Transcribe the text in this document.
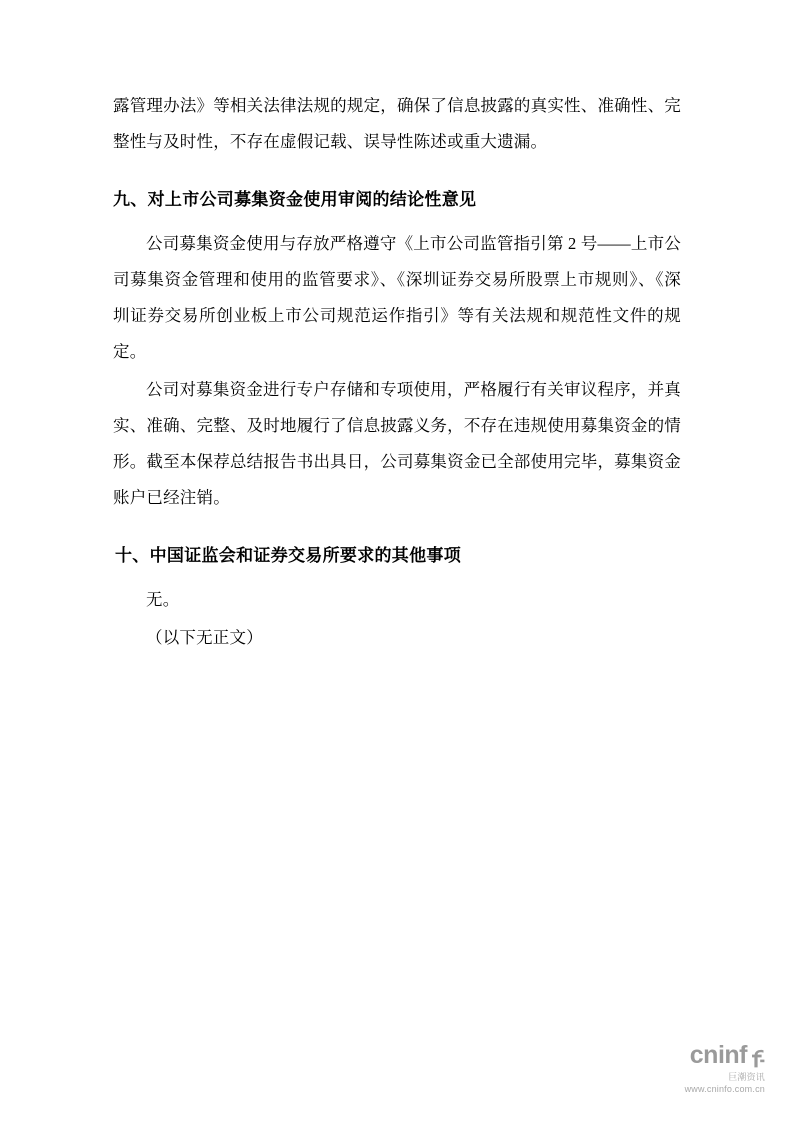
露管理办法》等相关法律法规的规定，确保了信息披露的真实性、准确性、完整性与及时性，不存在虚假记载、误导性陈述或重大遗漏。

九、对上市公司募集资金使用审阅的结论性意见

公司募集资金使用与存放严格遵守《上市公司监管指引第 2 号——上市公司募集资金管理和使用的监管要求》、《深圳证券交易所股票上市规则》、《深圳证券交易所创业板上市公司规范运作指引》等有关法规和规范性文件的规定。

公司对募集资金进行专户存储和专项使用，严格履行有关审议程序，并真实、准确、完整、及时地履行了信息披露义务，不存在违规使用募集资金的情形。截至本保荐总结报告书出具日，公司募集资金已全部使用完毕，募集资金账户已经注销。

十、中国证监会和证券交易所要求的其他事项

无。

（以下无正文）

cninf
巨潮资讯
www.cninfo.com.cn
